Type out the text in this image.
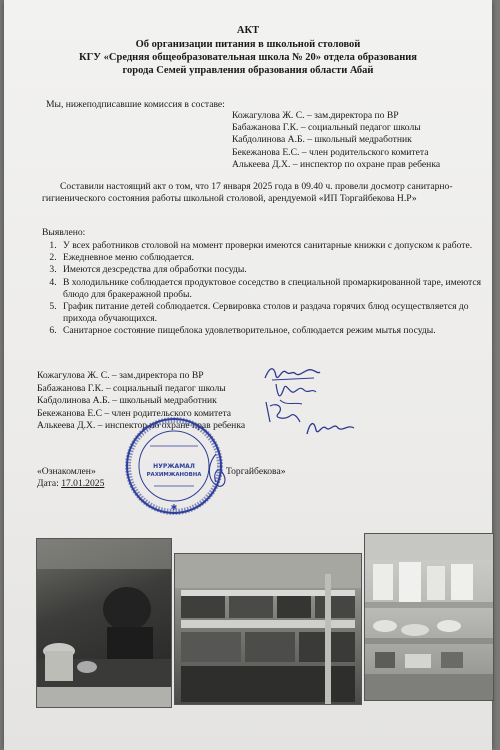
АКТ
Об организации питания в школьной столовой
КГУ «Средняя общеобразовательная школа № 20» отдела образования
города Семей управления образования области Абай
Мы, нижеподписавшие комиссия в составе:
Кожагулова Ж. С. – зам.директора по ВР
Бабажанова Г.К. – социальный педагог школы
Кабдолинова А.Б. – школьный медработник
Бекежанова Е.С. – член родительского комитета
Алькеева Д.Х. – инспектор по охране прав ребенка
Составили настоящий акт о том, что 17 января 2025 года в 09.40 ч. провели досмотр санитарно-гигиенического состояния работы школьной столовой, арендуемой «ИП Торгайбекова Н.Р»
Выявлено:
1. У всех работников столовой на момент проверки имеются санитарные книжки с допуском к работе.
2. Ежедневное меню соблюдается.
3. Имеются дезсредства для обработки посуды.
4. В холодильнике соблюдается продуктовое соседство в специальной промаркированной таре, имеются блюдо для бракеражной пробы.
5. График питание детей соблюдается. Сервировка столов и раздача горячих блюд осуществляется до прихода обучающихся.
6. Санитарное состояние пищеблока удовлетворительное, соблюдается режим мытья посуды.
Кожагулова Ж. С. – зам.директора по ВР
Бабажанова Г.К. – социальный педагог школы
Кабдолинова А.Б. – школьный медработник
Бекежанова Е.С – член родительского комитета
Алькеева Д.Х. – инспектор по охране прав ребенка
«Ознакомлен»	Торгайбекова»
Дата: 17.01.2025
НУРЖАМАЛ
РАХИМЖАНОВНА
✱
